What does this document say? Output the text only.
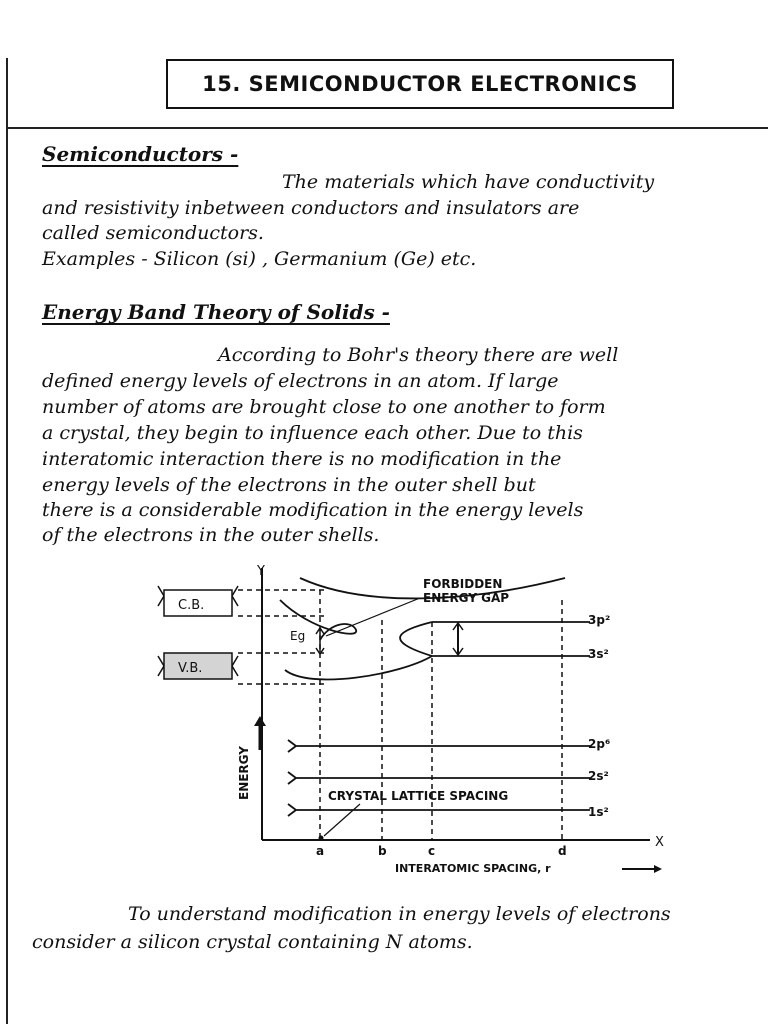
15. SEMICONDUCTOR ELECTRONICS
Semiconductors -
The materials which have conductivity
and resistivity inbetween conductors and insulators are
called semiconductors.
Examples - Silicon (si) , Germanium (Ge) etc.
Energy Band Theory of Solids -
According to Bohr's theory there are well
defined energy levels of electrons in an atom. If large
number of atoms are brought close to one another to form
a crystal, they begin to influence each other. Due to this
interatomic interaction there is no modification in the
energy levels of the electrons in the outer shell but
there is a considerable modification in the energy levels
of the electrons in the outer shells.
Y
X
C.B.
V.B.
Eg
FORBIDDEN
ENERGY GAP
3p²
3s²
2p⁶
2s²
1s²
CRYSTAL LATTICE SPACING
ENERGY
a	b	c	d
INTERATOMIC SPACING, r
To understand modification in energy levels of electrons
consider a silicon crystal containing N atoms.
